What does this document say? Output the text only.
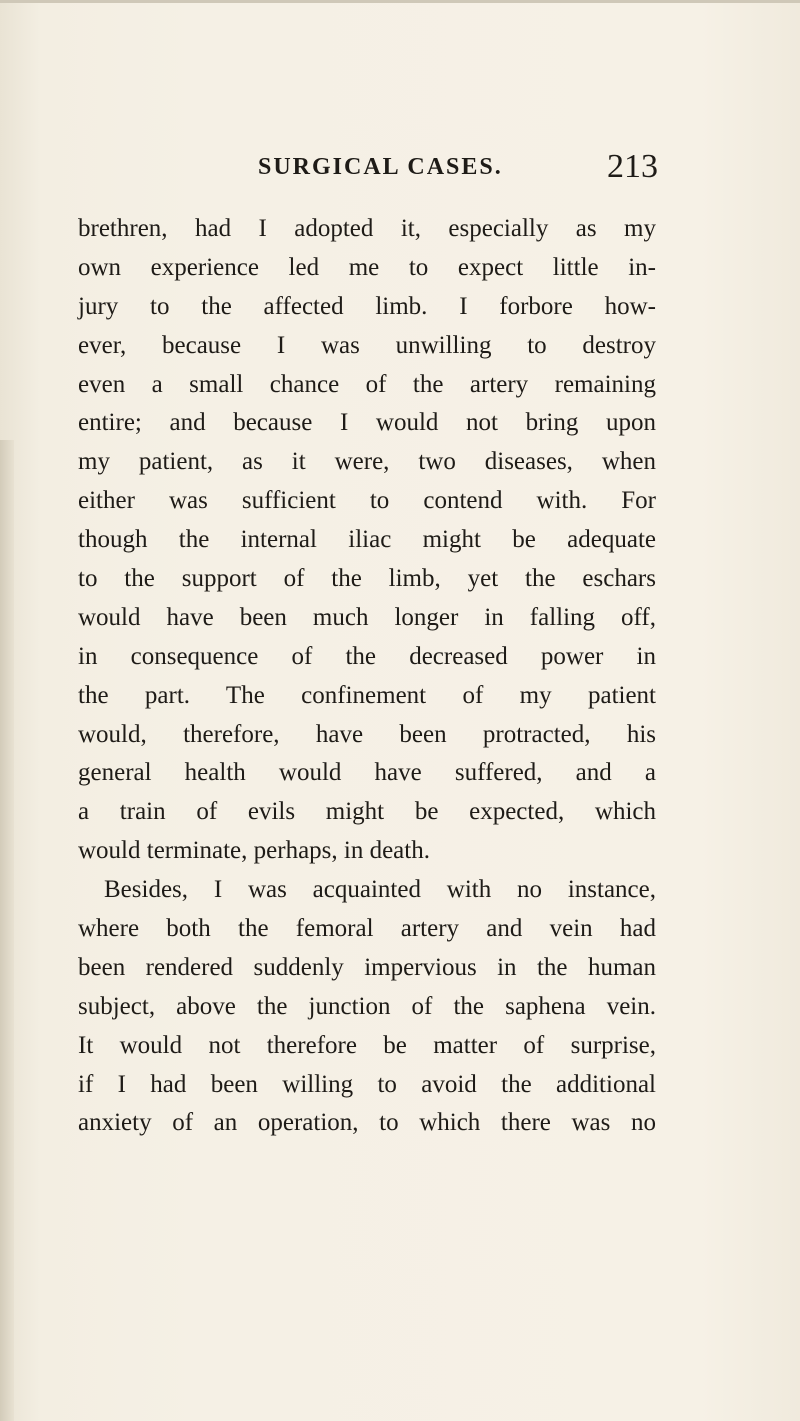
SURGICAL CASES.	213
brethren, had I adopted it, especially as my
own experience led me to expect little in-
jury to the affected limb. I forbore how-
ever, because I was unwilling to destroy
even a small chance of the artery remaining
entire; and because I would not bring upon
my patient, as it were, two diseases, when
either was sufficient to contend with. For
though the internal iliac might be adequate
to the support of the limb, yet the eschars
would have been much longer in falling off,
in consequence of the decreased power in
the part. The confinement of my patient
would, therefore, have been protracted, his
general health would have suffered, and a
a train of evils might be expected, which
would terminate, perhaps, in death.
Besides, I was acquainted with no instance,
where both the femoral artery and vein had
been rendered suddenly impervious in the human
subject, above the junction of the saphena vein.
It would not therefore be matter of surprise,
if I had been willing to avoid the additional
anxiety of an operation, to which there was no
